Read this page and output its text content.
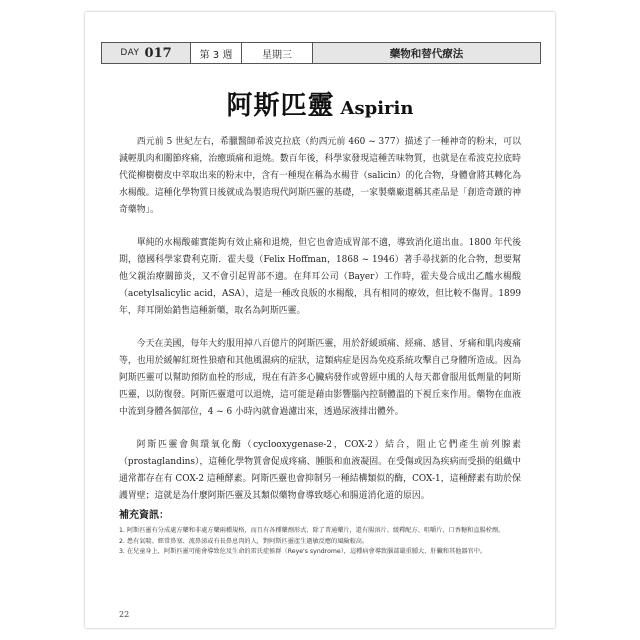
DAY 017	第 3 週	星期三	藥物和替代療法
阿斯匹靈 Aspirin

西元前 5 世紀左右，希臘醫師希波克拉底（約西元前 460 ~ 377）描述了一種神奇的粉末，可以減輕肌肉和關節疼痛，治癒頭痛和退燒。數百年後，科學家發現這種苦味物質，也就是在希波克拉底時代從柳樹樹皮中萃取出來的粉末中，含有一種現在稱為水楊苷（salicin）的化合物，身體會將其轉化為水楊酸。這種化學物質日後就成為製造現代阿斯匹靈的基礎，一家製藥廠還稱其產品是「創造奇蹟的神奇藥物」。

單純的水楊酸確實能夠有效止痛和退燒，但它也會造成胃部不適，導致消化道出血。1800 年代後期，德國科學家費利克斯．霍夫曼（Felix Hoffman，1868 ~ 1946）著手尋找新的化合物，想要幫他父親治療關節炎，又不會引起胃部不適。在拜耳公司（Bayer）工作時，霍夫曼合成出乙醯水楊酸（acetylsalicylic acid，ASA），這是一種改良版的水楊酸，具有相同的療效，但比較不傷胃。1899 年，拜耳開始銷售這種新藥，取名為阿斯匹靈。

今天在美國，每年大約服用掉八百億片的阿斯匹靈，用於舒緩頭痛、經痛、感冒、牙痛和肌肉痠痛等，也用於緩解紅斑性狼瘡和其他風濕病的症狀，這類病症是因為免疫系統攻擊自己身體所造成。因為阿斯匹靈可以幫助預防血栓的形成，現在有許多心臟病發作或曾經中風的人每天都會服用低劑量的阿斯匹靈，以防復發。阿斯匹靈還可以退燒，這可能是藉由影響腦內控制體溫的下視丘來作用。藥物在血液中流到身體各個部位，4 ~ 6 小時內就會過濾出來，透過尿液排出體外。

阿斯匹靈會與環氧化酶（cyclooxygenase-2，COX-2）結合，阻止它們產生前列腺素（prostaglandins），這種化學物質會促成疼痛、腫脹和血液凝固。在受傷或因為疾病而受損的組織中通常都存在有 COX-2 這種酵素。阿斯匹靈也會抑制另一種結構類似的酶，COX-1，這種酵素有助於保護胃壁；這就是為什麼阿斯匹靈及其類似藥物會導致噁心和腸道消化道的原因。

補充資訊：
1. 阿斯匹靈有分成處方藥和非處方藥兩種規格，而且有各種藥劑形式，除了普通藥片，還有腸溶片、緩釋配方、咀嚼片、口香糖和直腸栓劑。
2. 患有氣喘、經常鼻塞、流鼻涕或有長鼻息肉的人，對阿斯匹靈產生過敏反應的風險較高。
3. 在兒童身上，阿斯匹靈可能會導致危及生命的雷氏症候群（Reye's syndrome），這種病會導致腦部嚴重腫大、肝臟和其他器官中。
22
